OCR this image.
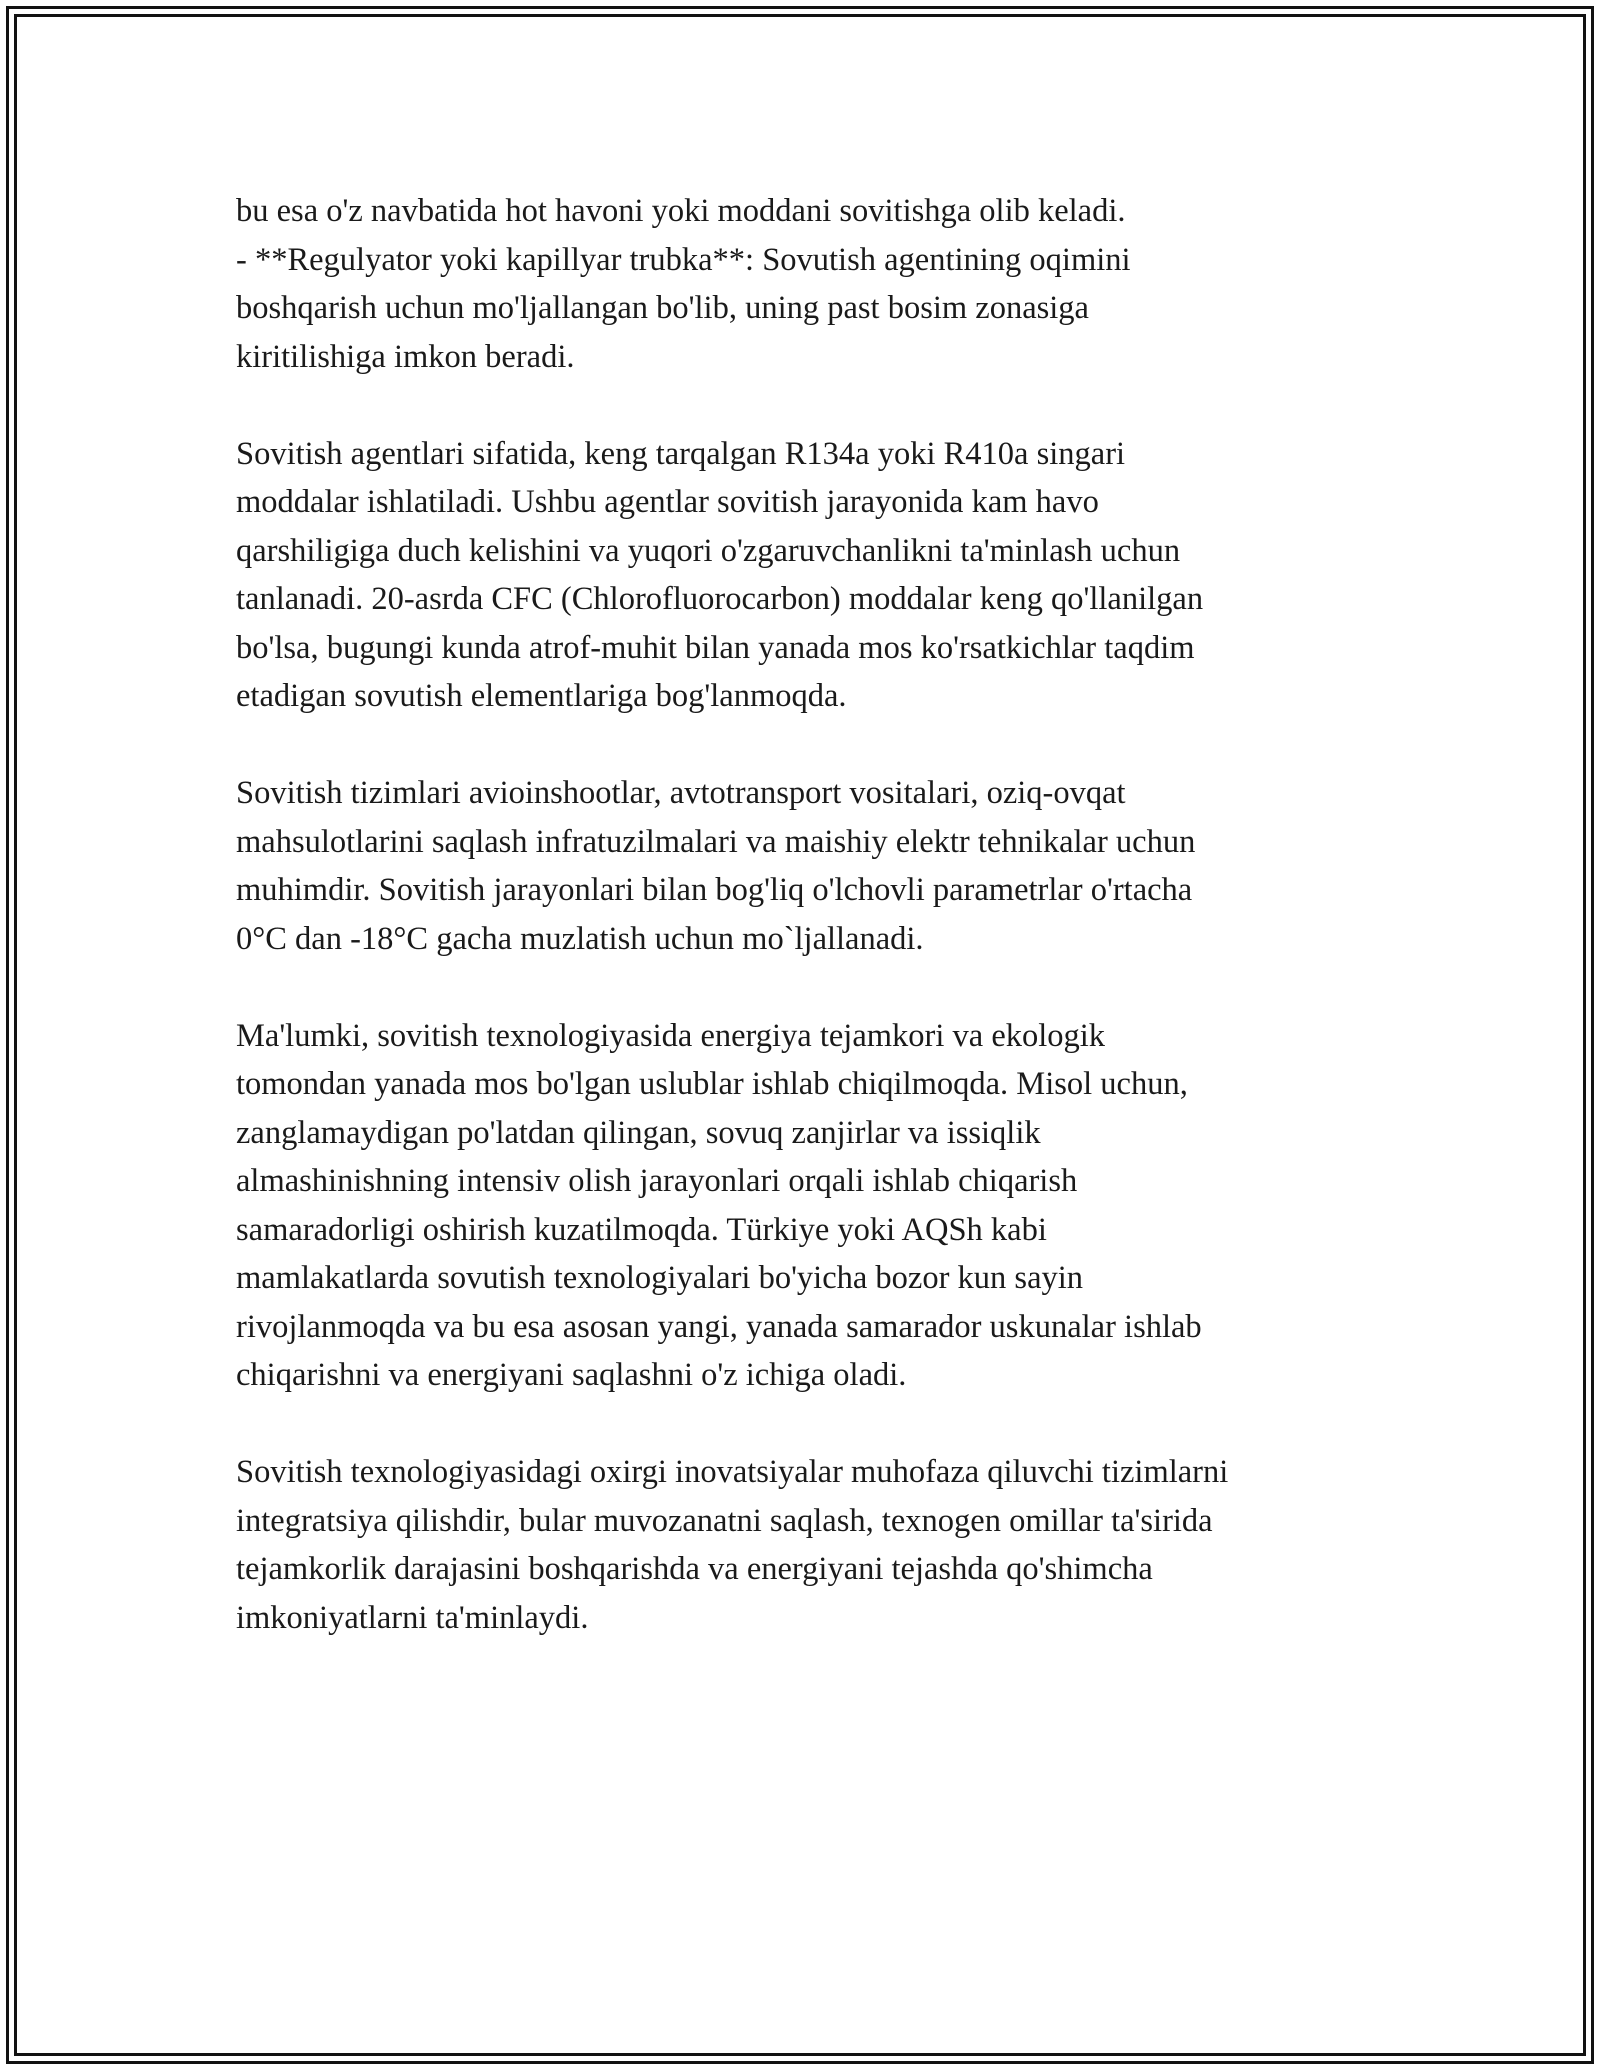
bu esa o'z navbatida hot havoni yoki moddani sovitishga olib keladi.
- **Regulyator yoki kapillyar trubka**: Sovutish agentining oqimini
boshqarish uchun mo'ljallangan bo'lib, uning past bosim zonasiga
kiritilishiga imkon beradi.

Sovitish agentlari sifatida, keng tarqalgan R134a yoki R410a singari
moddalar ishlatiladi. Ushbu agentlar sovitish jarayonida kam havo
qarshiligiga duch kelishini va yuqori o'zgaruvchanlikni ta'minlash uchun
tanlanadi. 20-asrda CFC (Chlorofluorocarbon) moddalar keng qo'llanilgan
bo'lsa, bugungi kunda atrof-muhit bilan yanada mos ko'rsatkichlar taqdim
etadigan sovutish elementlariga bog'lanmoqda.

Sovitish tizimlari avioinshootlar, avtotransport vositalari, oziq-ovqat
mahsulotlarini saqlash infratuzilmalari va maishiy elektr tehnikalar uchun
muhimdir. Sovitish jarayonlari bilan bog'liq o'lchovli parametrlar o'rtacha
0°C dan -18°C gacha muzlatish uchun mo`ljallanadi.

Ma'lumki, sovitish texnologiyasida energiya tejamkori va ekologik
tomondan yanada mos bo'lgan uslublar ishlab chiqilmoqda. Misol uchun,
zanglamaydigan po'latdan qilingan, sovuq zanjirlar va issiqlik
almashinishning intensiv olish jarayonlari orqali ishlab chiqarish
samaradorligi oshirish kuzatilmoqda. Türkiye yoki AQSh kabi
mamlakatlarda sovutish texnologiyalari bo'yicha bozor kun sayin
rivojlanmoqda va bu esa asosan yangi, yanada samarador uskunalar ishlab
chiqarishni va energiyani saqlashni o'z ichiga oladi.

Sovitish texnologiyasidagi oxirgi inovatsiyalar muhofaza qiluvchi tizimlarni
integratsiya qilishdir, bular muvozanatni saqlash, texnogen omillar ta'sirida
tejamkorlik darajasini boshqarishda va energiyani tejashda qo'shimcha
imkoniyatlarni ta'minlaydi.
